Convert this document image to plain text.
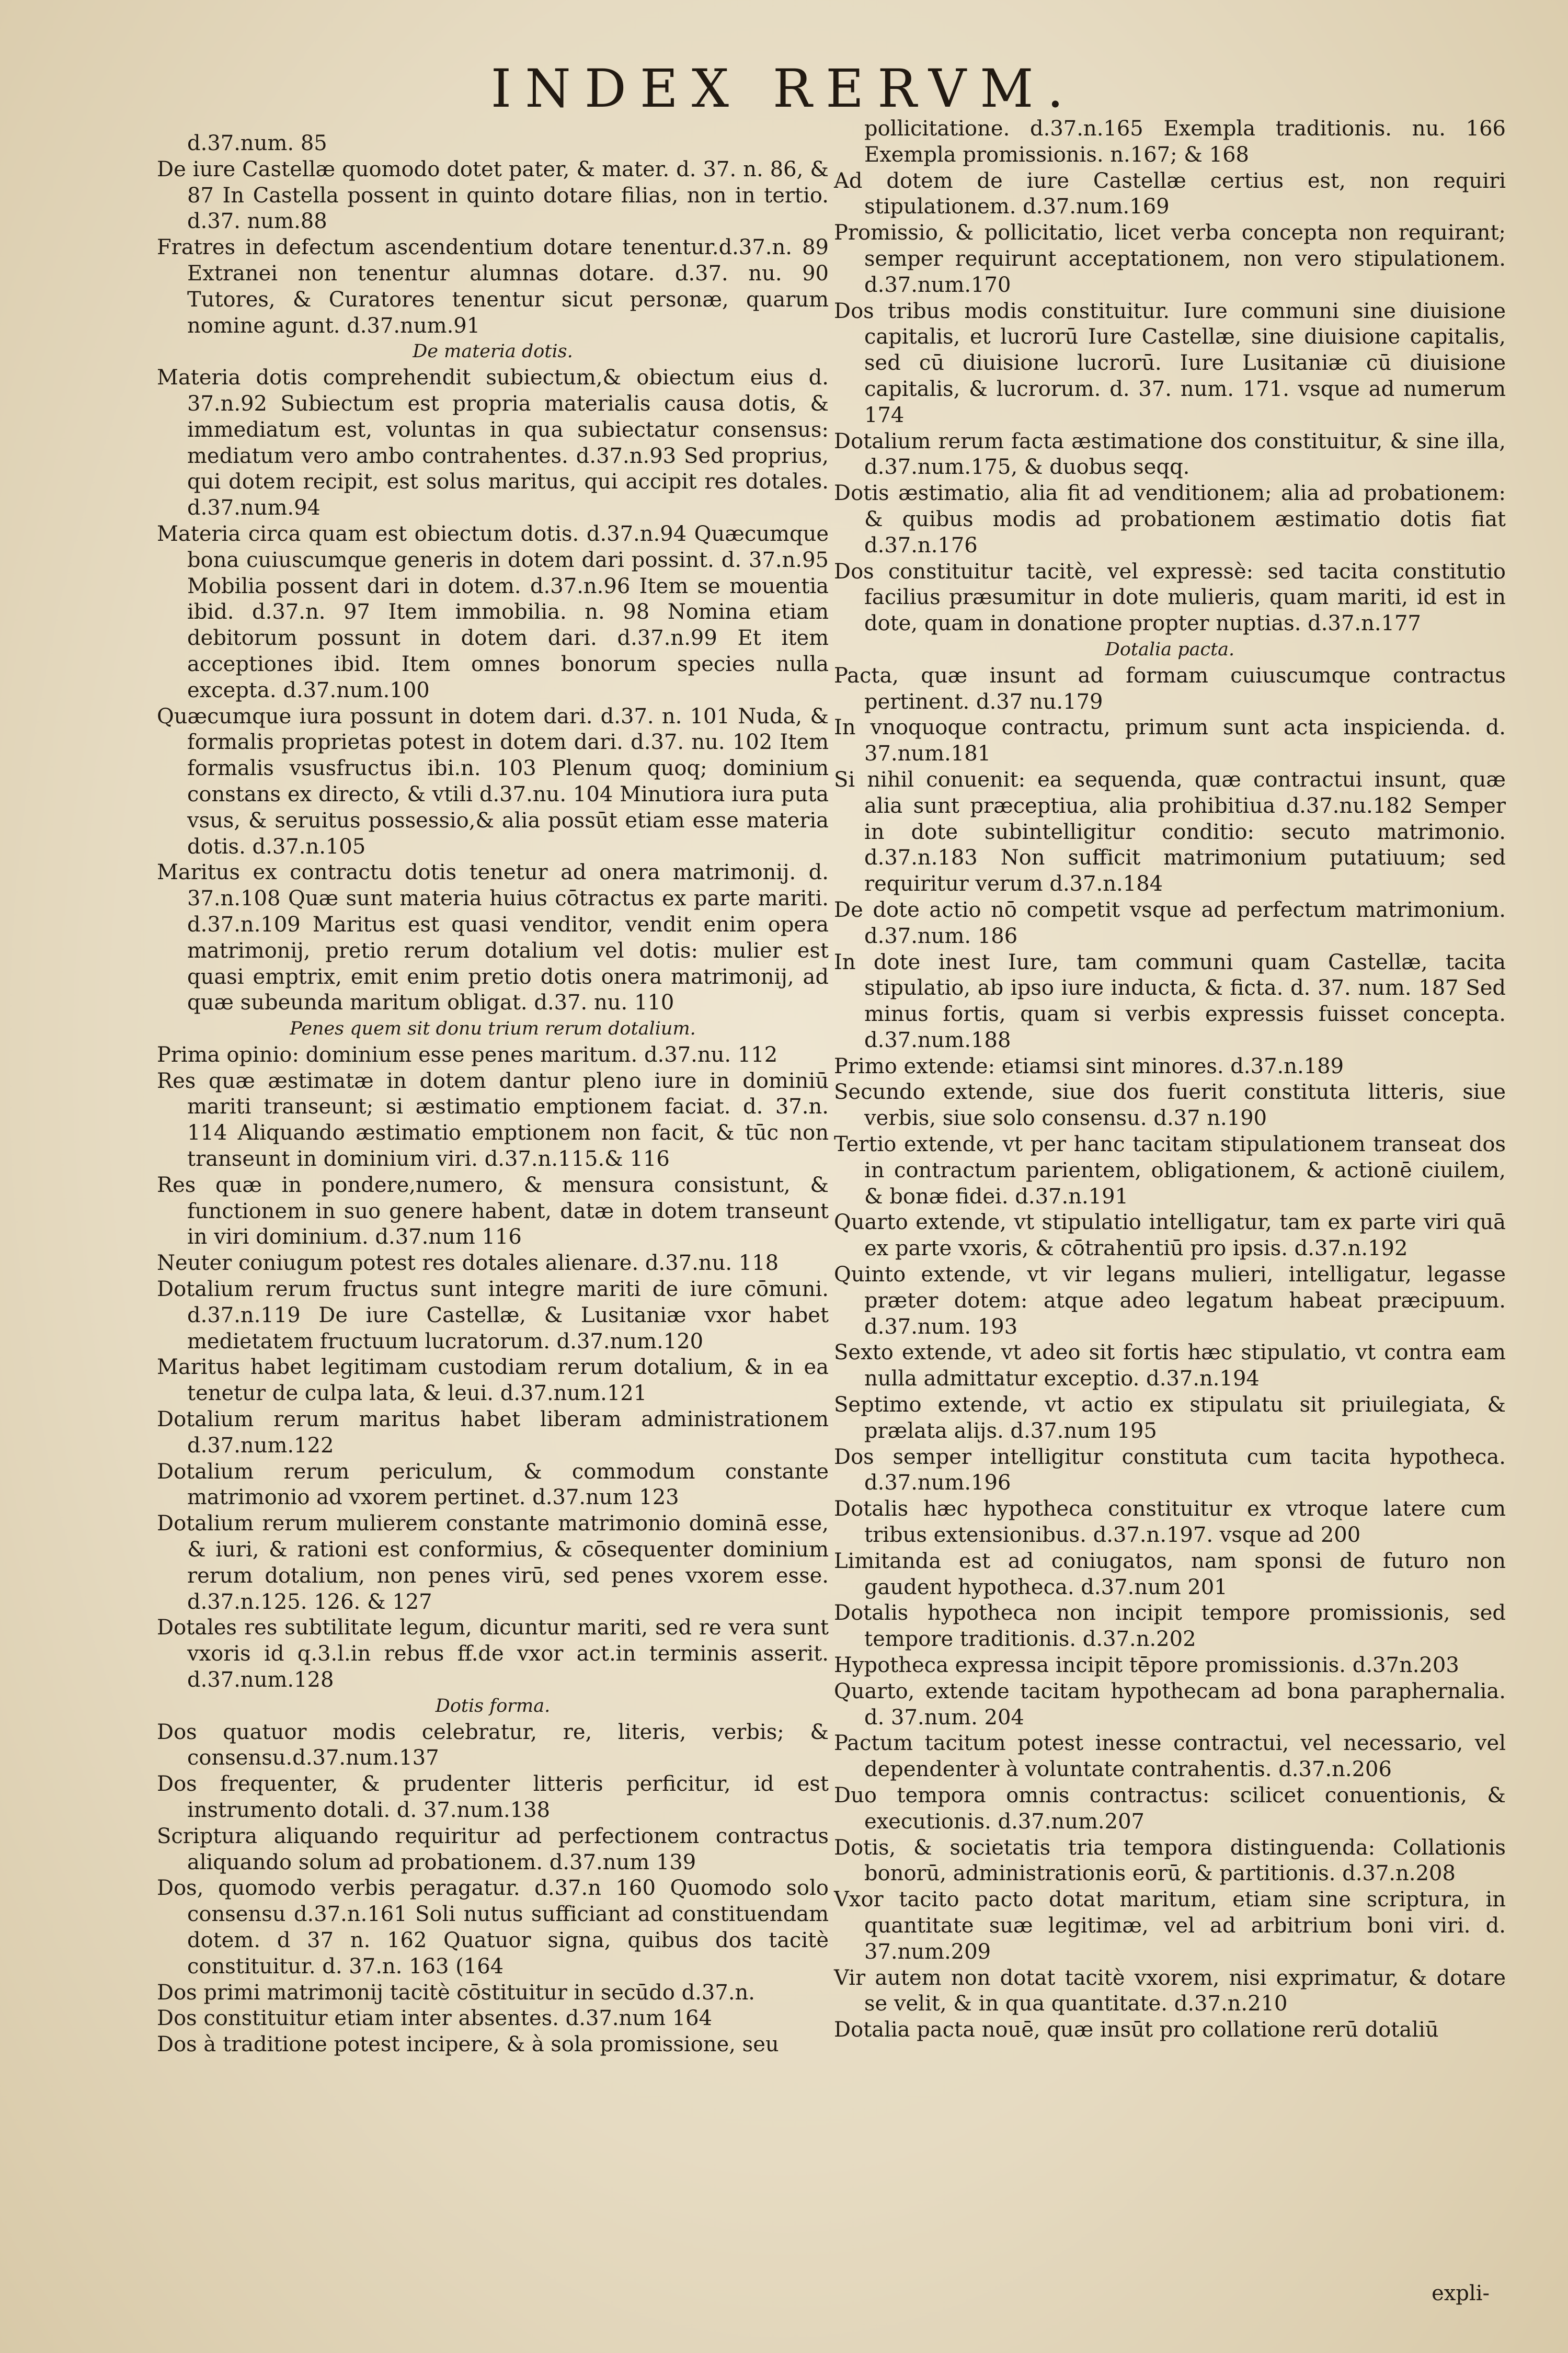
INDEX RERVM.

d.37.num. 85

De iure Castellæ quomodo dotet pater, & mater. d. 37. n. 86, & 87 In Castella possent in quinto dotare filias, non in tertio. d.37. num.88

Fratres in defectum ascendentium dotare tenentur.d.37.n. 89 Extranei non tenentur alumnas dotare. d.37. nu. 90 Tutores, & Curatores tenentur sicut personæ, quarum nomine agunt. d.37.num.91

De materia dotis.

Materia dotis comprehendit subiectum,& obiectum eius d. 37.n.92 Subiectum est propria materialis causa dotis, & immediatum est, voluntas in qua subiectatur consensus: mediatum vero ambo contrahentes. d.37.n.93 Sed proprius, qui dotem recipit, est solus maritus, qui accipit res dotales. d.37.num.94

Materia circa quam est obiectum dotis. d.37.n.94 Quæcumque bona cuiuscumque generis in dotem dari possint. d. 37.n.95 Mobilia possent dari in dotem. d.37.n.96 Item se mouentia ibid. d.37.n. 97 Item immobilia. n. 98 Nomina etiam debitorum possunt in dotem dari. d.37.n.99 Et item acceptiones ibid. Item omnes bonorum species nulla excepta. d.37.num.100

Quæcumque iura possunt in dotem dari. d.37. n. 101 Nuda, & formalis proprietas potest in dotem dari. d.37. nu. 102 Item formalis vsusfructus ibi.n. 103 Plenum quoq; dominium constans ex directo, & vtili d.37.nu. 104 Minutiora iura puta vsus, & seruitus possessio,& alia possūt etiam esse materia dotis. d.37.n.105

Maritus ex contractu dotis tenetur ad onera matrimonij. d. 37.n.108 Quæ sunt materia huius cōtractus ex parte mariti. d.37.n.109 Maritus est quasi venditor, vendit enim opera matrimonij, pretio rerum dotalium vel dotis: mulier est quasi emptrix, emit enim pretio dotis onera matrimonij, ad quæ subeunda maritum obligat. d.37. nu. 110

Penes quem sit donu trium rerum dotalium.

Prima opinio: dominium esse penes maritum. d.37.nu. 112

Res quæ æstimatæ in dotem dantur pleno iure in dominiū mariti transeunt; si æstimatio emptionem faciat. d. 37.n. 114 Aliquando æstimatio emptionem non facit, & tūc non transeunt in dominium viri. d.37.n.115.& 116

Res quæ in pondere,numero, & mensura consistunt, & functionem in suo genere habent, datæ in dotem transeunt in viri dominium. d.37.num 116

Neuter coniugum potest res dotales alienare. d.37.nu. 118

Dotalium rerum fructus sunt integre mariti de iure cōmuni. d.37.n.119 De iure Castellæ, & Lusitaniæ vxor habet medietatem fructuum lucratorum. d.37.num.120

Maritus habet legitimam custodiam rerum dotalium, & in ea tenetur de culpa lata, & leui. d.37.num.121

Dotalium rerum maritus habet liberam administrationem d.37.num.122

Dotalium rerum periculum, & commodum constante matrimonio ad vxorem pertinet. d.37.num 123

Dotalium rerum mulierem constante matrimonio dominā esse, & iuri, & rationi est conformius, & cōsequenter dominium rerum dotalium, non penes virū, sed penes vxorem esse. d.37.n.125. 126. & 127

Dotales res subtilitate legum, dicuntur mariti, sed re vera sunt vxoris id q.3.l.in rebus ff.de vxor act.in terminis asserit. d.37.num.128

Dotis forma.

Dos quatuor modis celebratur, re, literis, verbis; & consensu.d.37.num.137

Dos frequenter, & prudenter litteris perficitur, id est instrumento dotali. d. 37.num.138

Scriptura aliquando requiritur ad perfectionem contractus aliquando solum ad probationem. d.37.num 139

Dos, quomodo verbis peragatur. d.37.n 160 Quomodo solo consensu d.37.n.161 Soli nutus sufficiant ad constituendam dotem. d 37 n. 162 Quatuor signa, quibus dos tacitè constituitur. d. 37.n. 163 (164

Dos primi matrimonij tacitè cōstituitur in secūdo d.37.n.

Dos constituitur etiam inter absentes. d.37.num 164

Dos à traditione potest incipere, & à sola promissione, seu

pollicitatione. d.37.n.165 Exempla traditionis. nu. 166 Exempla promissionis. n.167; & 168

Ad dotem de iure Castellæ certius est, non requiri stipulationem. d.37.num.169

Promissio, & pollicitatio, licet verba concepta non requirant; semper requirunt acceptationem, non vero stipulationem. d.37.num.170

Dos tribus modis constituitur. Iure communi sine diuisione capitalis, et lucrorū Iure Castellæ, sine diuisione capitalis, sed cū diuisione lucrorū. Iure Lusitaniæ cū diuisione capitalis, & lucrorum. d. 37. num. 171. vsque ad numerum 174

Dotalium rerum facta æstimatione dos constituitur, & sine illa, d.37.num.175, & duobus seqq.

Dotis æstimatio, alia fit ad venditionem; alia ad probationem: & quibus modis ad probationem æstimatio dotis fiat d.37.n.176

Dos constituitur tacitè, vel expressè: sed tacita constitutio facilius præsumitur in dote mulieris, quam mariti, id est in dote, quam in donatione propter nuptias. d.37.n.177

Dotalia pacta.

Pacta, quæ insunt ad formam cuiuscumque contractus pertinent. d.37 nu.179

In vnoquoque contractu, primum sunt acta inspicienda. d. 37.num.181

Si nihil conuenit: ea sequenda, quæ contractui insunt, quæ alia sunt præceptiua, alia prohibitiua d.37.nu.182 Semper in dote subintelligitur conditio: secuto matrimonio. d.37.n.183 Non sufficit matrimonium putatiuum; sed requiritur verum d.37.n.184

De dote actio nō competit vsque ad perfectum matrimonium. d.37.num. 186

In dote inest Iure, tam communi quam Castellæ, tacita stipulatio, ab ipso iure inducta, & ficta. d. 37. num. 187 Sed minus fortis, quam si verbis expressis fuisset concepta. d.37.num.188

Primo extende: etiamsi sint minores. d.37.n.189

Secundo extende, siue dos fuerit constituta litteris, siue verbis, siue solo consensu. d.37 n.190

Tertio extende, vt per hanc tacitam stipulationem transeat dos in contractum parientem, obligationem, & actionē ciuilem, & bonæ fidei. d.37.n.191

Quarto extende, vt stipulatio intelligatur, tam ex parte viri quā ex parte vxoris, & cōtrahentiū pro ipsis. d.37.n.192

Quinto extende, vt vir legans mulieri, intelligatur, legasse præter dotem: atque adeo legatum habeat præcipuum. d.37.num. 193

Sexto extende, vt adeo sit fortis hæc stipulatio, vt contra eam nulla admittatur exceptio. d.37.n.194

Septimo extende, vt actio ex stipulatu sit priuilegiata, & prælata alijs. d.37.num 195

Dos semper intelligitur constituta cum tacita hypotheca. d.37.num.196

Dotalis hæc hypotheca constituitur ex vtroque latere cum tribus extensionibus. d.37.n.197. vsque ad 200

Limitanda est ad coniugatos, nam sponsi de futuro non gaudent hypotheca. d.37.num 201

Dotalis hypotheca non incipit tempore promissionis, sed tempore traditionis. d.37.n.202

Hypotheca expressa incipit tēpore promissionis. d.37n.203

Quarto, extende tacitam hypothecam ad bona paraphernalia. d. 37.num. 204

Pactum tacitum potest inesse contractui, vel necessario, vel dependenter à voluntate contrahentis. d.37.n.206

Duo tempora omnis contractus: scilicet conuentionis, & executionis. d.37.num.207

Dotis, & societatis tria tempora distinguenda: Collationis bonorū, administrationis eorū, & partitionis. d.37.n.208

Vxor tacito pacto dotat maritum, etiam sine scriptura, in quantitate suæ legitimæ, vel ad arbitrium boni viri. d. 37.num.209

Vir autem non dotat tacitè vxorem, nisi exprimatur, & dotare se velit, & in qua quantitate. d.37.n.210

Dotalia pacta nouē, quæ insūt pro collatione rerū dotaliū

expli-
